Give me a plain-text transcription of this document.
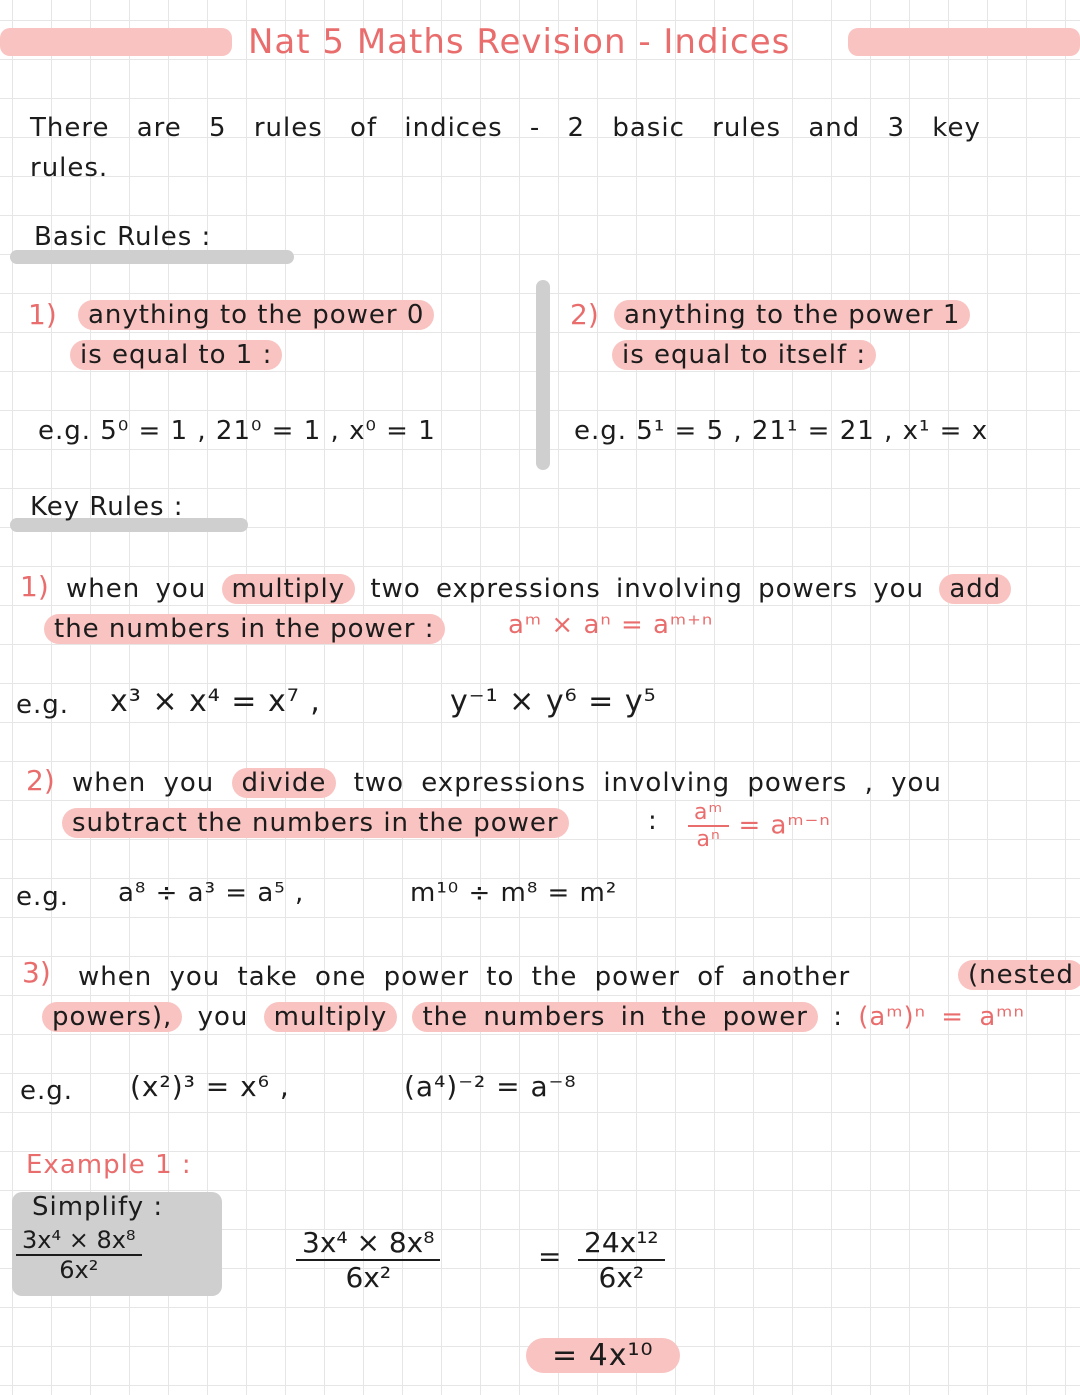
Nat 5 Maths Revision - Indices
There are 5 rules of indices - 2 basic rules and 3 key rules.
Basic Rules :
1)	anything to the power 0
is equal to 1 :
e.g. 5⁰ = 1 , 21⁰ = 1 , x⁰ = 1
2) anything to the power 1
is equal to itself :
e.g. 5¹ = 5 , 21¹ = 21 , x¹ = x
Key Rules :
1) when you multiply two expressions involving powers you add
the numbers in the power :	aᵐ × aⁿ = aᵐ⁺ⁿ
e.g. x³ × x⁴ = x⁷ ,	y⁻¹ × y⁶ = y⁵
2) when you divide two expressions involving powers , you
subtract the numbers in the power	: $\frac{\text{aᵐ}}{\text{aⁿ}}$ = aᵐ⁻ⁿ
e.g. a⁸ ÷ a³ = a⁵ ,	m¹⁰ ÷ m⁸ = m²
3) when you take one power to the power of another	(nested
powers), you multiply the numbers in the power : (aᵐ)ⁿ = aᵐⁿ
e.g. (x²)³ = x⁶ ,	(a⁴)⁻² = a⁻⁸
Example 1 :
Simplify :
$\frac{\text{3x⁴ × 8x⁸}}{\text{6x²}}$	$\frac{\text{3x⁴ × 8x⁸}}{\text{6x²}}$	= $\frac{\text{24x¹²}}{\text{6x²}}$
= 4x¹⁰
